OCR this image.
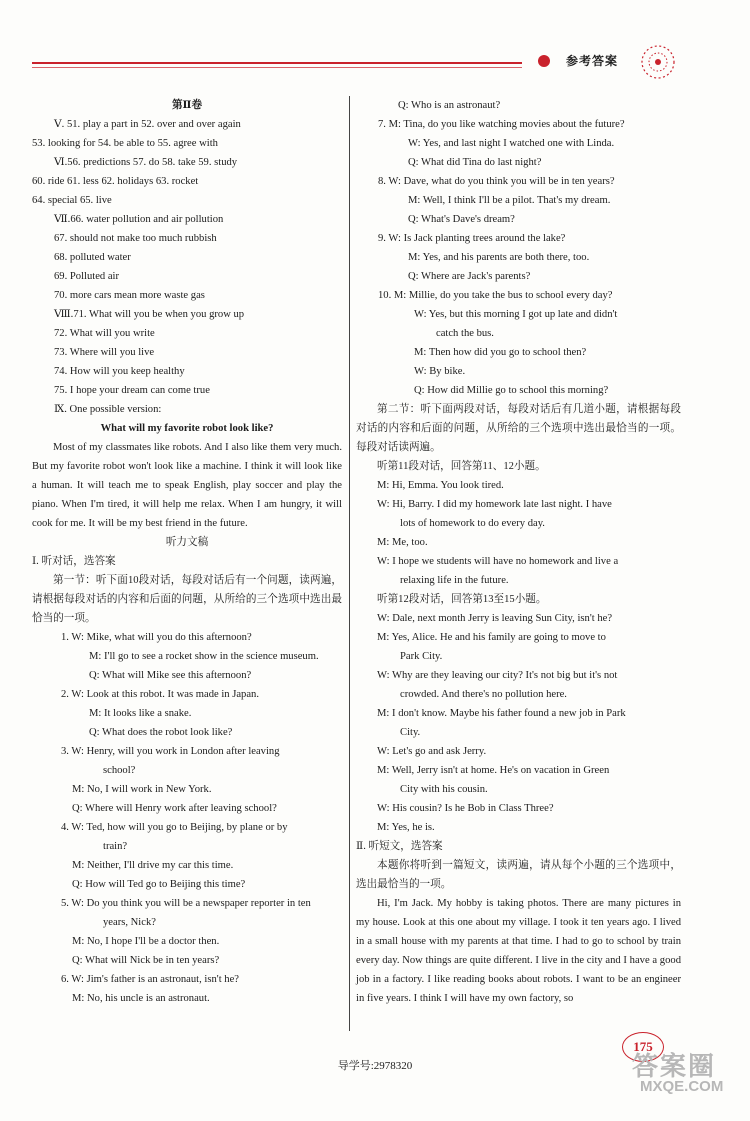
参考答案
第Ⅱ卷
Ⅴ. 51. play a part in 52. over and over again
53. looking for 54. be able to 55. agree with
Ⅵ.56. predictions 57. do 58. take 59. study
60. ride 61. less 62. holidays 63. rocket
64. special 65. live
Ⅶ.66. water pollution and air pollution
67. should not make too much rubbish
68. polluted water
69. Polluted air
70. more cars mean more waste gas
Ⅷ.71. What will you be when you grow up
72. What will you write
73. Where will you live
74. How will you keep healthy
75. I hope your dream can come true
Ⅸ. One possible version:
What will my favorite robot look like?
Most of my classmates like robots. And I also like them very much. But my favorite robot won't look like a machine. I think it will look like a human. It will teach me to speak English, play soccer and play the piano. When I'm tired, it will help me relax. When I am hungry, it will cook for me. It will be my best friend in the future.
听力文稿
Ⅰ. 听对话，选答案
第一节：听下面10段对话，每段对话后有一个问题，读两遍，请根据每段对话的内容和后面的问题，从所给的三个选项中选出最恰当的一项。
1. W: Mike, what will you do this afternoon?
M: I'll go to see a rocket show in the science museum.
Q: What will Mike see this afternoon?
2. W: Look at this robot. It was made in Japan.
M: It looks like a snake.
Q: What does the robot look like?
3. W: Henry, will you work in London after leaving
school?
M: No, I will work in New York.
Q: Where will Henry work after leaving school?
4. W: Ted, how will you go to Beijing, by plane or by
train?
M: Neither, I'll drive my car this time.
Q: How will Ted go to Beijing this time?
5. W: Do you think you will be a newspaper reporter in ten
years, Nick?
M: No, I hope I'll be a doctor then.
Q: What will Nick be in ten years?
6. W: Jim's father is an astronaut, isn't he?
M: No, his uncle is an astronaut.
Q: Who is an astronaut?
7. M: Tina, do you like watching movies about the future?
W: Yes, and last night I watched one with Linda.
Q: What did Tina do last night?
8. W: Dave, what do you think you will be in ten years?
M: Well, I think I'll be a pilot. That's my dream.
Q: What's Dave's dream?
9. W: Is Jack planting trees around the lake?
M: Yes, and his parents are both there, too.
Q: Where are Jack's parents?
10. M: Millie, do you take the bus to school every day?
W: Yes, but this morning I got up late and didn't
catch the bus.
M: Then how did you go to school then?
W: By bike.
Q: How did Millie go to school this morning?
第二节：听下面两段对话，每段对话后有几道小题，请根据每段对话的内容和后面的问题，从所给的三个选项中选出最恰当的一项。每段对话读两遍。
听第11段对话，回答第11、12小题。
M: Hi, Emma. You look tired.
W: Hi, Barry. I did my homework late last night. I have
lots of homework to do every day.
M: Me, too.
W: I hope we students will have no homework and live a
relaxing life in the future.
听第12段对话，回答第13至15小题。
W: Dale, next month Jerry is leaving Sun City, isn't he?
M: Yes, Alice. He and his family are going to move to
Park City.
W: Why are they leaving our city? It's not big but it's not
crowded. And there's no pollution here.
M: I don't know. Maybe his father found a new job in Park
City.
W: Let's go and ask Jerry.
M: Well, Jerry isn't at home. He's on vacation in Green
City with his cousin.
W: His cousin? Is he Bob in Class Three?
M: Yes, he is.
Ⅱ. 听短文，选答案
本题你将听到一篇短文，读两遍，请从每个小题的三个选项中，选出最恰当的一项。
Hi, I'm Jack. My hobby is taking photos. There are many pictures in my house. Look at this one about my village. I took it ten years ago. I lived in a small house with my parents at that time. I had to go to school by train every day. Now things are quite different. I live in the city and I have a good job in a factory. I like reading books about robots. I want to be an engineer in five years. I think I will have my own factory, so
175
导学号:2978320	答案圈
MXQE.COM
